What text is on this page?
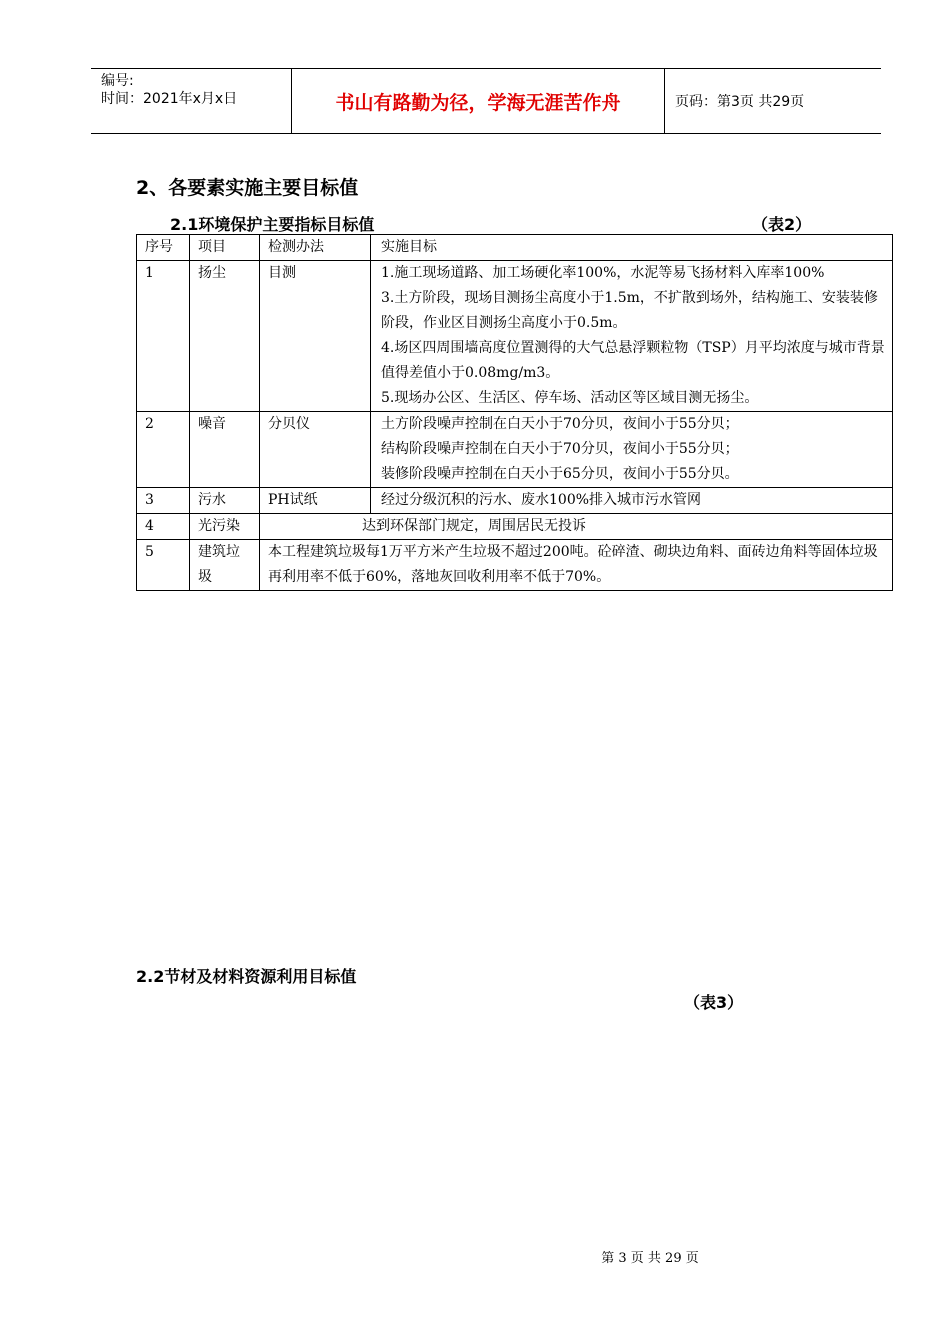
编号:
时间：2021年x月x日	书山有路勤为径，学海无涯苦作舟	页码：第3页 共29页
2、各要素实施主要目标值
2.1环境保护主要指标目标值	（表2）
序号	项目	检测办法	实施目标
1	扬尘	目测	1.施工现场道路、加工场硬化率100%，水泥等易飞扬材料入库率100%
3.土方阶段，现场目测扬尘高度小于1.5m，不扩散到场外，结构施工、安装装修阶段，作业区目测扬尘高度小于0.5m。
4.场区四周围墙高度位置测得的大气总悬浮颗粒物（TSP）月平均浓度与城市背景值得差值小于0.08mg/m3。
5.现场办公区、生活区、停车场、活动区等区域目测无扬尘。

2	噪音	分贝仪	土方阶段噪声控制在白天小于70分贝，夜间小于55分贝；
结构阶段噪声控制在白天小于70分贝，夜间小于55分贝；
装修阶段噪声控制在白天小于65分贝，夜间小于55分贝。

3	污水	PH试纸	经过分级沉积的污水、废水100%排入城市污水管网

4	光污染	达到环保部门规定，周围居民无投诉	
5	建筑垃圾	本工程建筑垃圾每1万平方米产生垃圾不超过200吨。砼碎渣、砌块边角料、面砖边角料等固体垃圾再利用率不低于60%，落地灰回收利用率不低于70%。	
2.2节材及材料资源利用目标值
（表3）
第 3 页 共 29 页
